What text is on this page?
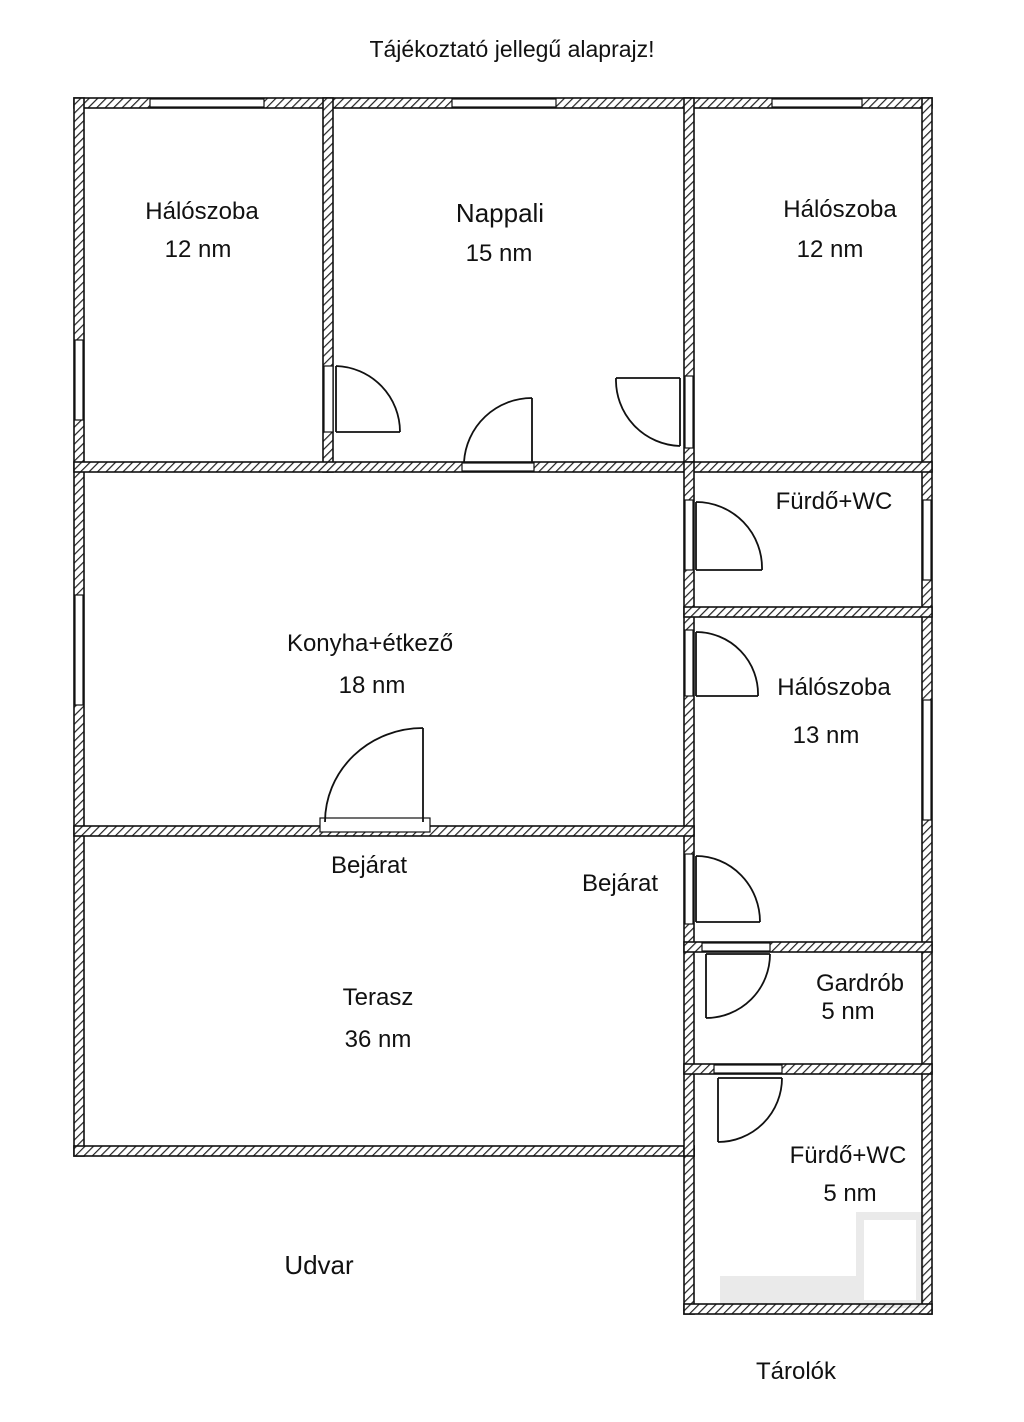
Tájékoztató jellegű alaprajz!
Hálószoba
12 nm
Nappali
15 nm
Hálószoba
12 nm
Fürdő+WC
Konyha+étkező
18 nm	Hálószoba
13 nm
Bejárat
Bejárat
Terasz
36 nm
Gardrób
5 nm
Fürdő+WC
5 nm
Udvar
Tárolók
